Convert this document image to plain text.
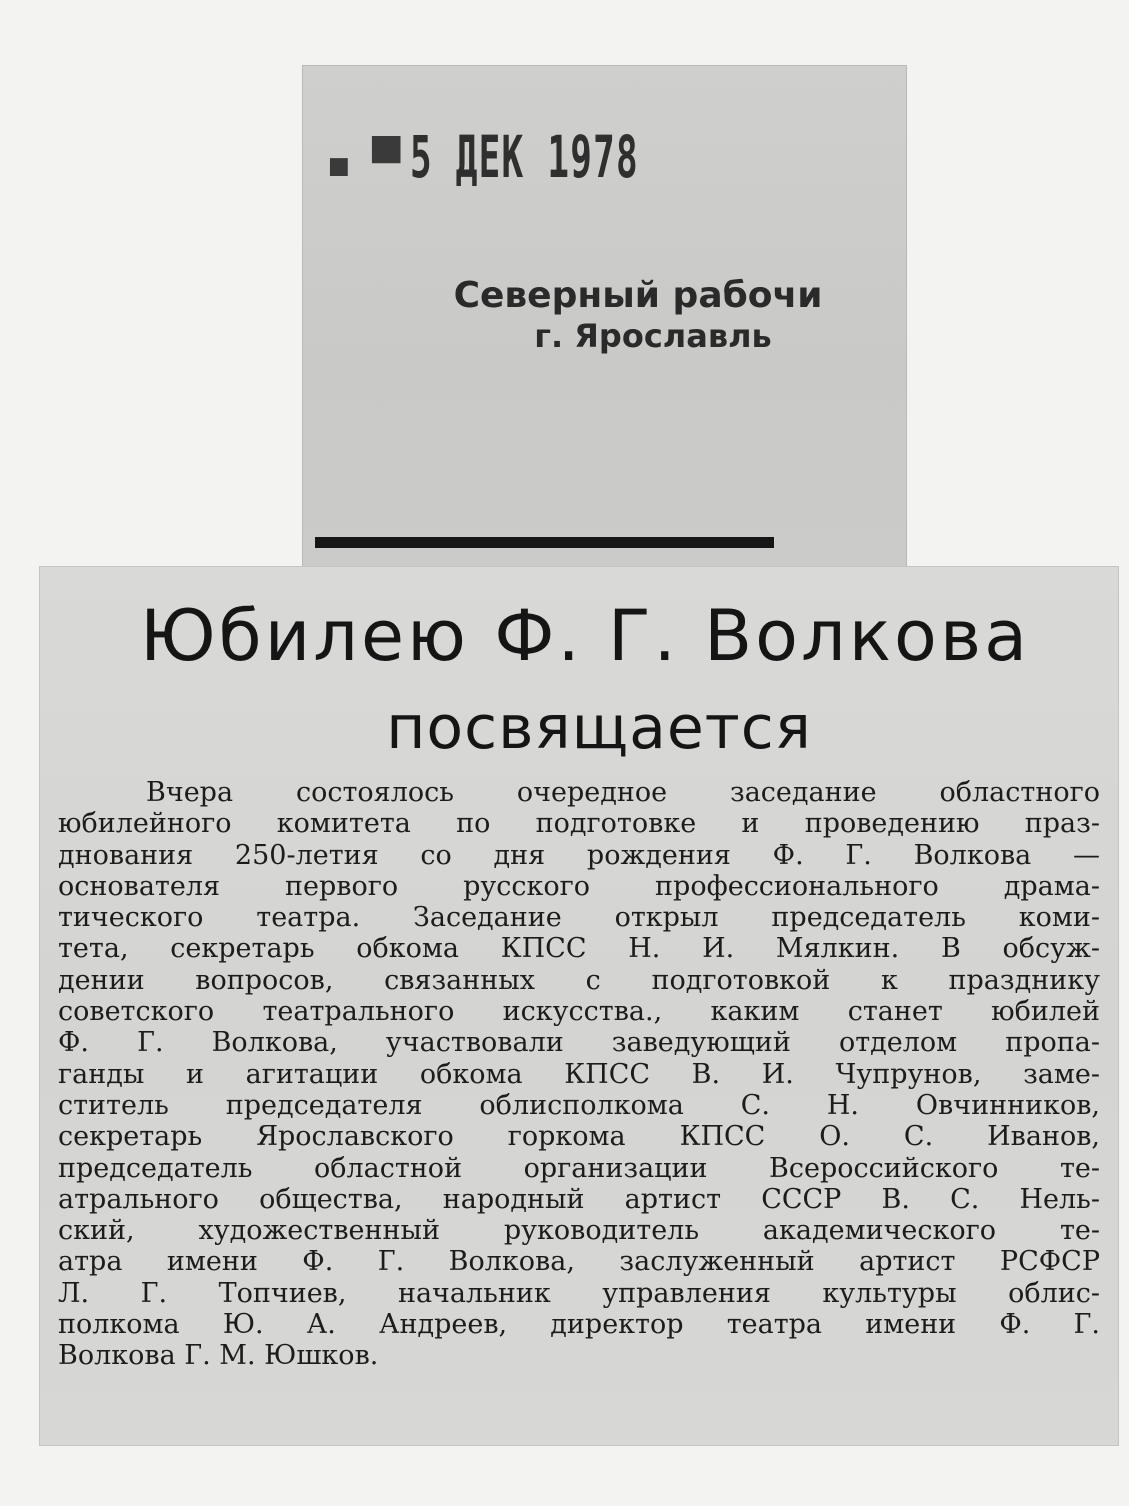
▪ ▀ 5 ДЕК 1978
Северный рабочи
г. Ярославль
Юбилею Ф. Г. Волкова
посвящается
Вчера состоялось очередное заседание областного
юбилейного комитета по подготовке и проведению праз-
днования 250-летия со дня рождения Ф. Г. Волкова —
основателя первого русского профессионального драма-
тического театра. Заседание открыл председатель коми-
тета, секретарь обкома КПСС Н. И. Мялкин. В обсуж-
дении вопросов, связанных с подготовкой к празднику
советского театрального искусства., каким станет юбилей
Ф. Г. Волкова, участвовали заведующий отделом пропа-
ганды и агитации обкома КПСС В. И. Чупрунов, заме-
ститель председателя облисполкома С. Н. Овчинников,
секретарь Ярославского горкома КПСС О. С. Иванов,
председатель областной организации Всероссийского те-
атрального общества, народный артист СССР В. С. Нель-
ский, художественный руководитель академического те-
атра имени Ф. Г. Волкова, заслуженный артист РСФСР
Л. Г. Топчиев, начальник управления культуры облис-
полкома Ю. А. Андреев, директор театра имени Ф. Г.
Волкова Г. М. Юшков.
